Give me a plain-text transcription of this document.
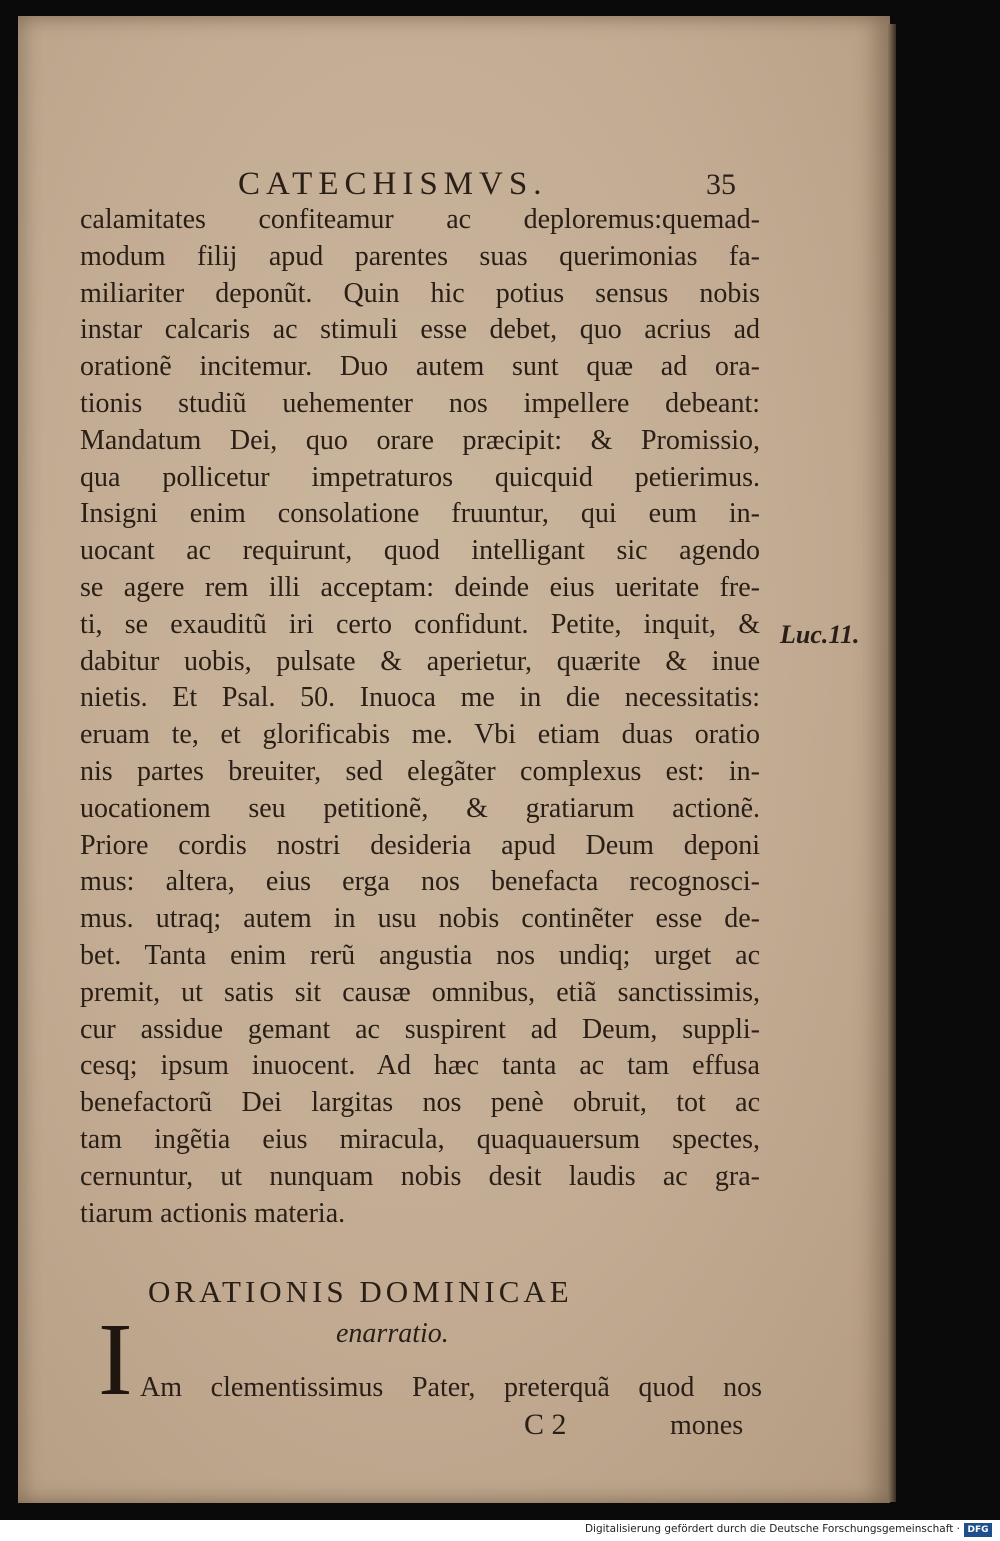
CATECHISMVS.	35
calamitates confiteamur ac deploremus:quemad-
modum filij apud parentes suas querimonias fa-
miliariter deponũt. Quin hic potius sensus nobis
instar calcaris ac stimuli esse debet, quo acrius ad
orationẽ incitemur. Duo autem sunt quæ ad ora-
tionis studiũ uehementer nos impellere debeant:
Mandatum Dei, quo orare præcipit: & Promissio,
qua pollicetur impetraturos quicquid petierimus.
Insigni enim consolatione fruuntur, qui eum in-
uocant ac requirunt, quod intelligant sic agendo
se agere rem illi acceptam: deinde eius ueritate fre-
ti, se exauditũ iri certo confidunt. Petite, inquit, &
dabitur uobis, pulsate & aperietur, quærite & inue
nietis. Et Psal. 50. Inuoca me in die necessitatis:
eruam te, et glorificabis me. Vbi etiam duas oratio
nis partes breuiter, sed elegãter complexus est: in-
uocationem seu petitionẽ, & gratiarum actionẽ.
Priore cordis nostri desideria apud Deum deponi
mus: altera, eius erga nos benefacta recognosci-
mus. utraq; autem in usu nobis continẽter esse de-
bet. Tanta enim rerũ angustia nos undiq; urget ac
premit, ut satis sit causæ omnibus, etiã sanctissimis,
cur assidue gemant ac suspirent ad Deum, suppli-
cesq; ipsum inuocent. Ad hæc tanta ac tam effusa
benefactorũ Dei largitas nos penè obruit, tot ac
tam ingẽtia eius miracula, quaquauersum spectes,
cernuntur, ut nunquam nobis desit laudis ac gra-
tiarum actionis materia.
Luc.11.
ORATIONIS DOMINICAE
enarratio.
I Am clementissimus Pater, preterquã quod nos
C 2	mones
Digitalisierung gefördert durch die Deutsche Forschungsgemeinschaft · DFG
